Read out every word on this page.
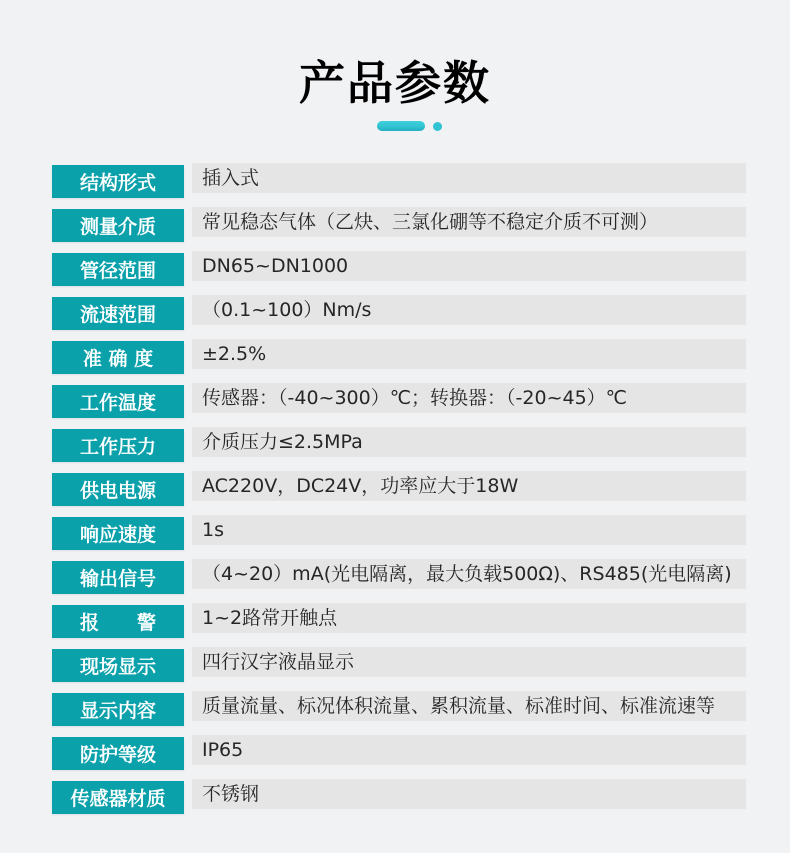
产品参数
插入式
结构形式
常见稳态气体（乙炔、三氯化硼等不稳定介质不可测）
测量介质
DN65~DN1000
管径范围
（0.1~100）Nm/s
流速范围
±2.5%
准 确 度
传感器：（-40~300）℃；转换器：（-20~45）℃
工作温度
介质压力≤2.5MPa
工作压力
AC220V，DC24V，功率应大于18W
供电电源
1s
响应速度
（4~20）mA(光电隔离，最大负载500Ω)、RS485(光电隔离)
输出信号
1~2路常开触点
报　　警
四行汉字液晶显示
现场显示
质量流量、标况体积流量、累积流量、标准时间、标准流速等
显示内容
IP65
防护等级
不锈钢
传感器材质
